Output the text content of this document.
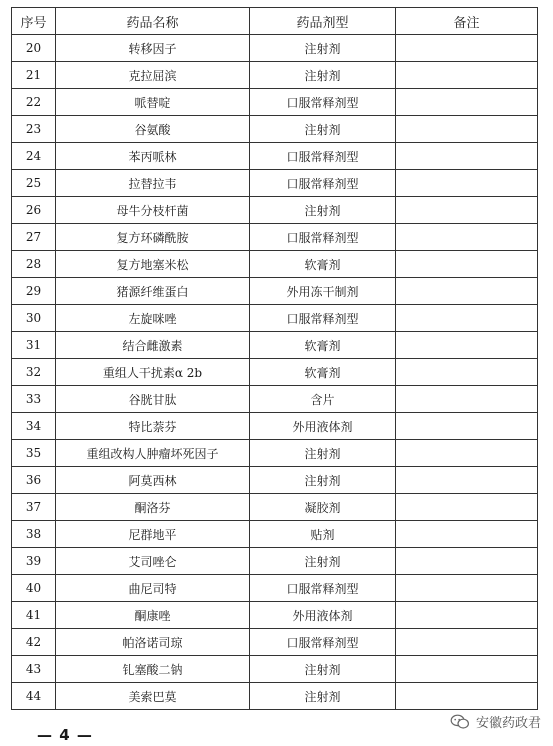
序号	药品名称	药品剂型	备注
20	转移因子	注射剂	
21	克拉屈滨	注射剂	
22	哌替啶	口服常释剂型	
23	谷氨酸	注射剂	
24	苯丙哌林	口服常释剂型	
25	拉替拉韦	口服常释剂型	
26	母牛分枝杆菌	注射剂	
27	复方环磷酰胺	口服常释剂型	
28	复方地塞米松	软膏剂	
29	猪源纤维蛋白	外用冻干制剂	
30	左旋咪唑	口服常释剂型	
31	结合雌激素	软膏剂	
32	重组人干扰素α 2b	软膏剂	
33	谷胱甘肽	含片	
34	特比萘芬	外用液体剂	
35	重组改构人肿瘤坏死因子	注射剂	
36	阿莫西林	注射剂	
37	酮洛芬	凝胶剂	
38	尼群地平	贴剂	
39	艾司唑仑	注射剂	
40	曲尼司特	口服常释剂型	
41	酮康唑	外用液体剂	
42	帕洛诺司琼	口服常释剂型	
43	钆塞酸二钠	注射剂	
44	美索巴莫	注射剂	
— 4 —
安徽药政君
